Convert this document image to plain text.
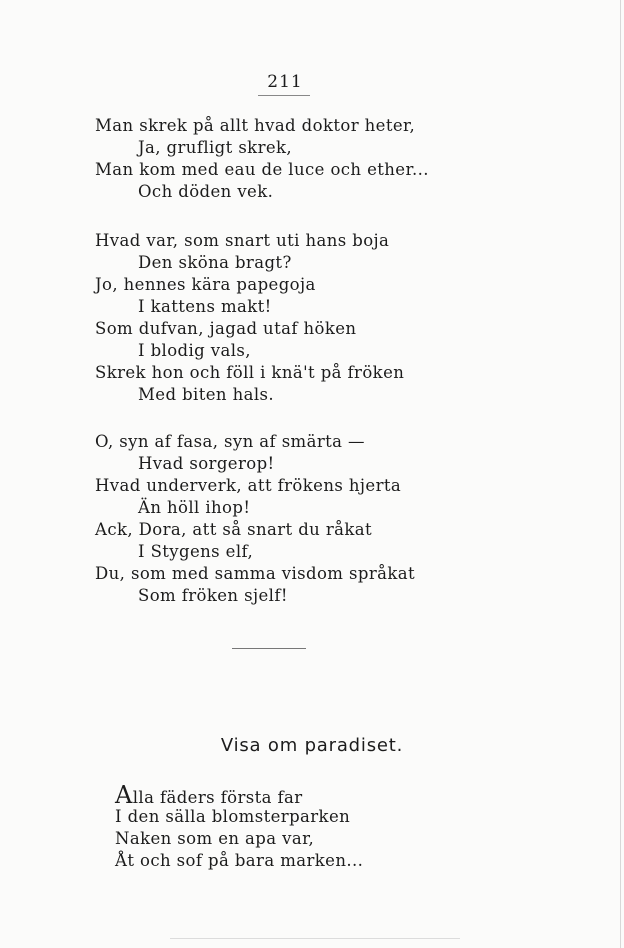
211
Man skrek på allt hvad doktor heter,
Ja, grufligt skrek,
Man kom med eau de luce och ether...
Och döden vek.
Hvad var, som snart uti hans boja
Den sköna bragt?
Jo, hennes kära papegoja
I kattens makt!
Som dufvan, jagad utaf höken
I blodig vals,
Skrek hon och föll i knä't på fröken
Med biten hals.
O, syn af fasa, syn af smärta —
Hvad sorgerop!
Hvad underverk, att frökens hjerta
Än höll ihop!
Ack, Dora, att så snart du råkat
I Stygens elf,
Du, som med samma visdom språkat
Som fröken sjelf!
Visa om paradiset.
Alla fäders första far
I den sälla blomsterparken
Naken som en apa var,
Åt och sof på bara marken...
